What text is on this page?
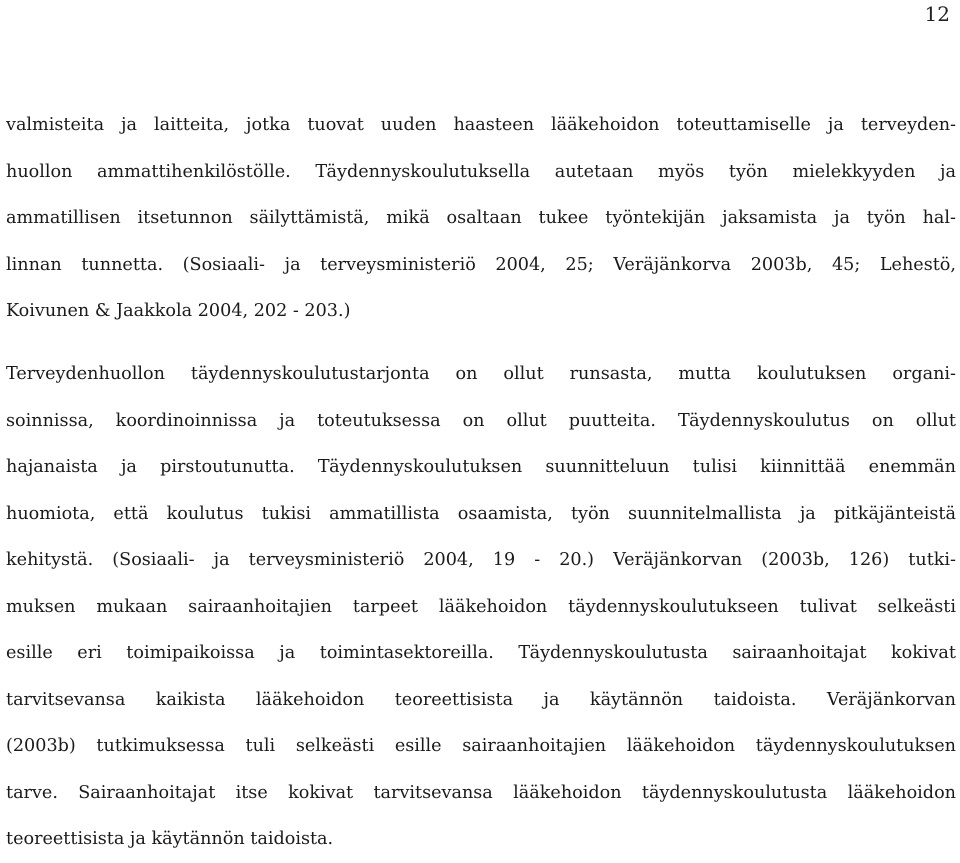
12
valmisteita ja laitteita, jotka tuovat uuden haasteen lääkehoidon toteuttamiselle ja terveyden-
huollon ammattihenkilöstölle. Täydennyskoulutuksella autetaan myös työn mielekkyyden ja
ammatillisen itsetunnon säilyttämistä, mikä osaltaan tukee työntekijän jaksamista ja työn hal-
linnan tunnetta. (Sosiaali- ja terveysministeriö 2004, 25; Veräjänkorva 2003b, 45; Lehestö,
Koivunen & Jaakkola 2004, 202 - 203.)
Terveydenhuollon täydennyskoulutustarjonta on ollut runsasta, mutta koulutuksen organi-
soinnissa, koordinoinnissa ja toteutuksessa on ollut puutteita. Täydennyskoulutus on ollut
hajanaista ja pirstoutunutta. Täydennyskoulutuksen suunnitteluun tulisi kiinnittää enemmän
huomiota, että koulutus tukisi ammatillista osaamista, työn suunnitelmallista ja pitkäjänteistä
kehitystä. (Sosiaali- ja terveysministeriö 2004, 19 - 20.) Veräjänkorvan (2003b, 126) tutki-
muksen mukaan sairaanhoitajien tarpeet lääkehoidon täydennyskoulutukseen tulivat selkeästi
esille eri toimipaikoissa ja toimintasektoreilla. Täydennyskoulutusta sairaanhoitajat kokivat
tarvitsevansa kaikista lääkehoidon teoreettisista ja käytännön taidoista. Veräjänkorvan
(2003b) tutkimuksessa tuli selkeästi esille sairaanhoitajien lääkehoidon täydennyskoulutuksen
tarve. Sairaanhoitajat itse kokivat tarvitsevansa lääkehoidon täydennyskoulutusta lääkehoidon
teoreettisista ja käytännön taidoista.
